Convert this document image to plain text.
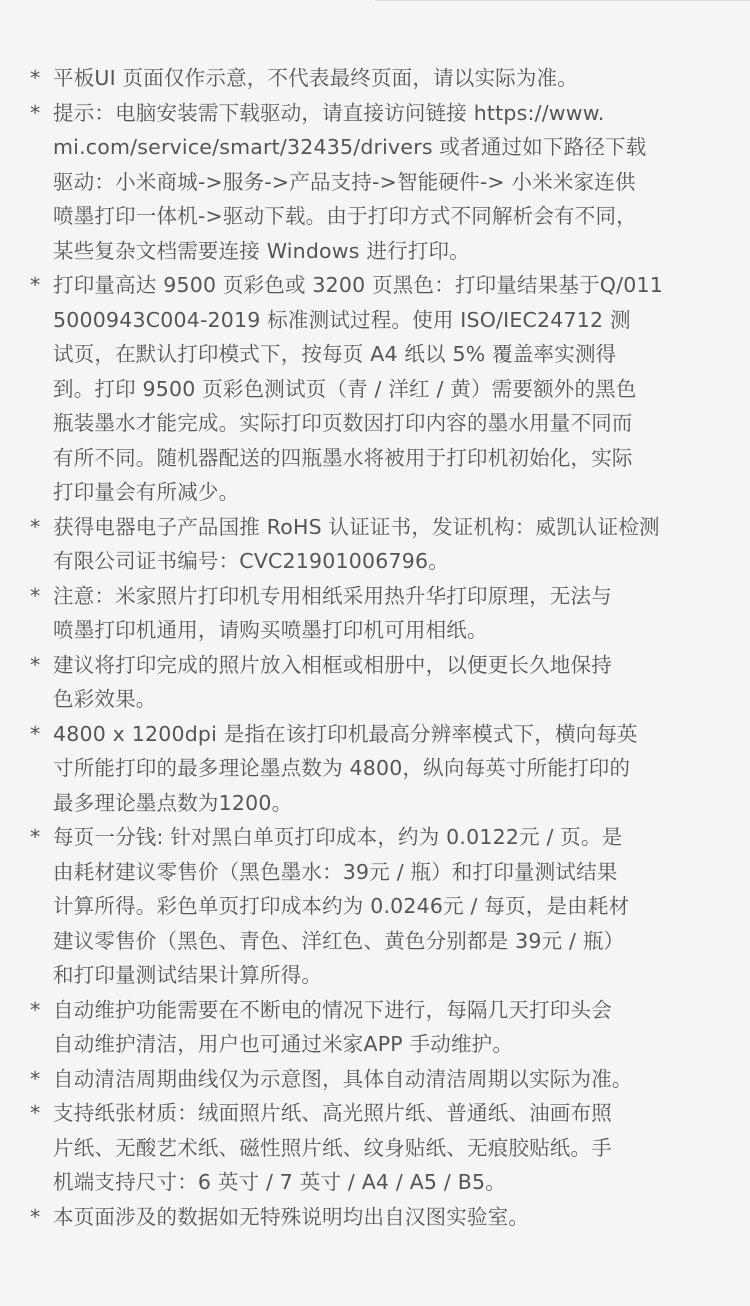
* 平板UI 页面仅作示意，不代表最终页面，请以实际为准。
* 提示：电脑安装需下载驱动，请直接访问链接 https://www.
mi.com/service/smart/32435/drivers 或者通过如下路径下载
驱动：小米商城->服务->产品支持->智能硬件-> 小米米家连供
喷墨打印一体机->驱动下载。由于打印方式不同解析会有不同，
某些复杂文档需要连接 Windows 进行打印。
* 打印量高达 9500 页彩色或 3200 页黑色：打印量结果基于Q/011
5000943C004-2019 标准测试过程。使用 ISO/IEC24712 测
试页，在默认打印模式下，按每页 A4 纸以 5% 覆盖率实测得
到。打印 9500 页彩色测试页（青 / 洋红 / 黄）需要额外的黑色
瓶装墨水才能完成。实际打印页数因打印内容的墨水用量不同而
有所不同。随机器配送的四瓶墨水将被用于打印机初始化，实际
打印量会有所减少。
* 获得电器电子产品国推 RoHS 认证证书，发证机构：威凯认证检测
有限公司证书编号：CVC21901006796。
* 注意：米家照片打印机专用相纸采用热升华打印原理，无法与
喷墨打印机通用，请购买喷墨打印机可用相纸。
* 建议将打印完成的照片放入相框或相册中，以便更长久地保持
色彩效果。
* 4800 x 1200dpi 是指在该打印机最高分辨率模式下，横向每英
寸所能打印的最多理论墨点数为 4800，纵向每英寸所能打印的
最多理论墨点数为1200。
* 每页一分钱: 针对黑白单页打印成本，约为 0.0122元 / 页。是
由耗材建议零售价（黑色墨水：39元 / 瓶）和打印量测试结果
计算所得。彩色单页打印成本约为 0.0246元 / 每页，是由耗材
建议零售价（黑色、青色、洋红色、黄色分别都是 39元 / 瓶）
和打印量测试结果计算所得。
* 自动维护功能需要在不断电的情况下进行，每隔几天打印头会
自动维护清洁，用户也可通过米家APP 手动维护。
* 自动清洁周期曲线仅为示意图，具体自动清洁周期以实际为准。
* 支持纸张材质：绒面照片纸、高光照片纸、普通纸、油画布照
片纸、无酸艺术纸、磁性照片纸、纹身贴纸、无痕胶贴纸。手
机端支持尺寸：6 英寸 / 7 英寸 / A4 / A5 / B5。
* 本页面涉及的数据如无特殊说明均出自汉图实验室。
